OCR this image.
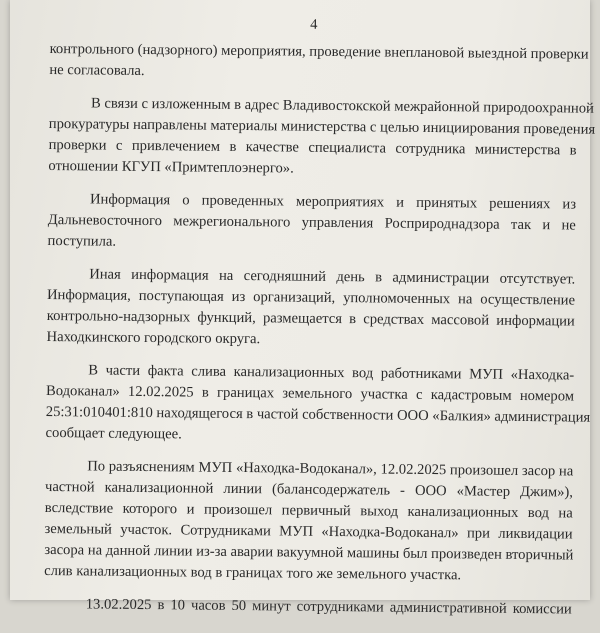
4
контрольного (надзорного) мероприятия, проведение внеплановой выездной проверки
не согласовала.
В связи с изложенным в адрес Владивостокской межрайонной природоохранной
прокуратуры направлены материалы министерства с целью инициирования проведения
проверки с привлечением в качестве специалиста сотрудника министерства в
отношении КГУП «Примтеплоэнерго».
Информация о проведенных мероприятиях и принятых решениях из
Дальневосточного межрегионального управления Росприроднадзора так и не
поступила.
Иная информация на сегодняшний день в администрации отсутствует.
Информация, поступающая из организаций, уполномоченных на осуществление
контрольно-надзорных функций, размещается в средствах массовой информации
Находкинского городского округа.
В части факта слива канализационных вод работниками МУП «Находка-
Водоканал» 12.02.2025 в границах земельного участка с кадастровым номером
25:31:010401:810 находящегося в частой собственности ООО «Балкия» администрация
сообщает следующее.
По разъяснениям МУП «Находка-Водоканал», 12.02.2025 произошел засор на
частной канализационной линии (балансодержатель - ООО «Мастер Джим»),
вследствие которого и произошел первичный выход канализационных вод на
земельный участок. Сотрудниками МУП «Находка-Водоканал» при ликвидации
засора на данной линии из-за аварии вакуумной машины был произведен вторичный
слив канализационных вод в границах того же земельного участка.
13.02.2025 в 10 часов 50 минут сотрудниками административной комиссии
